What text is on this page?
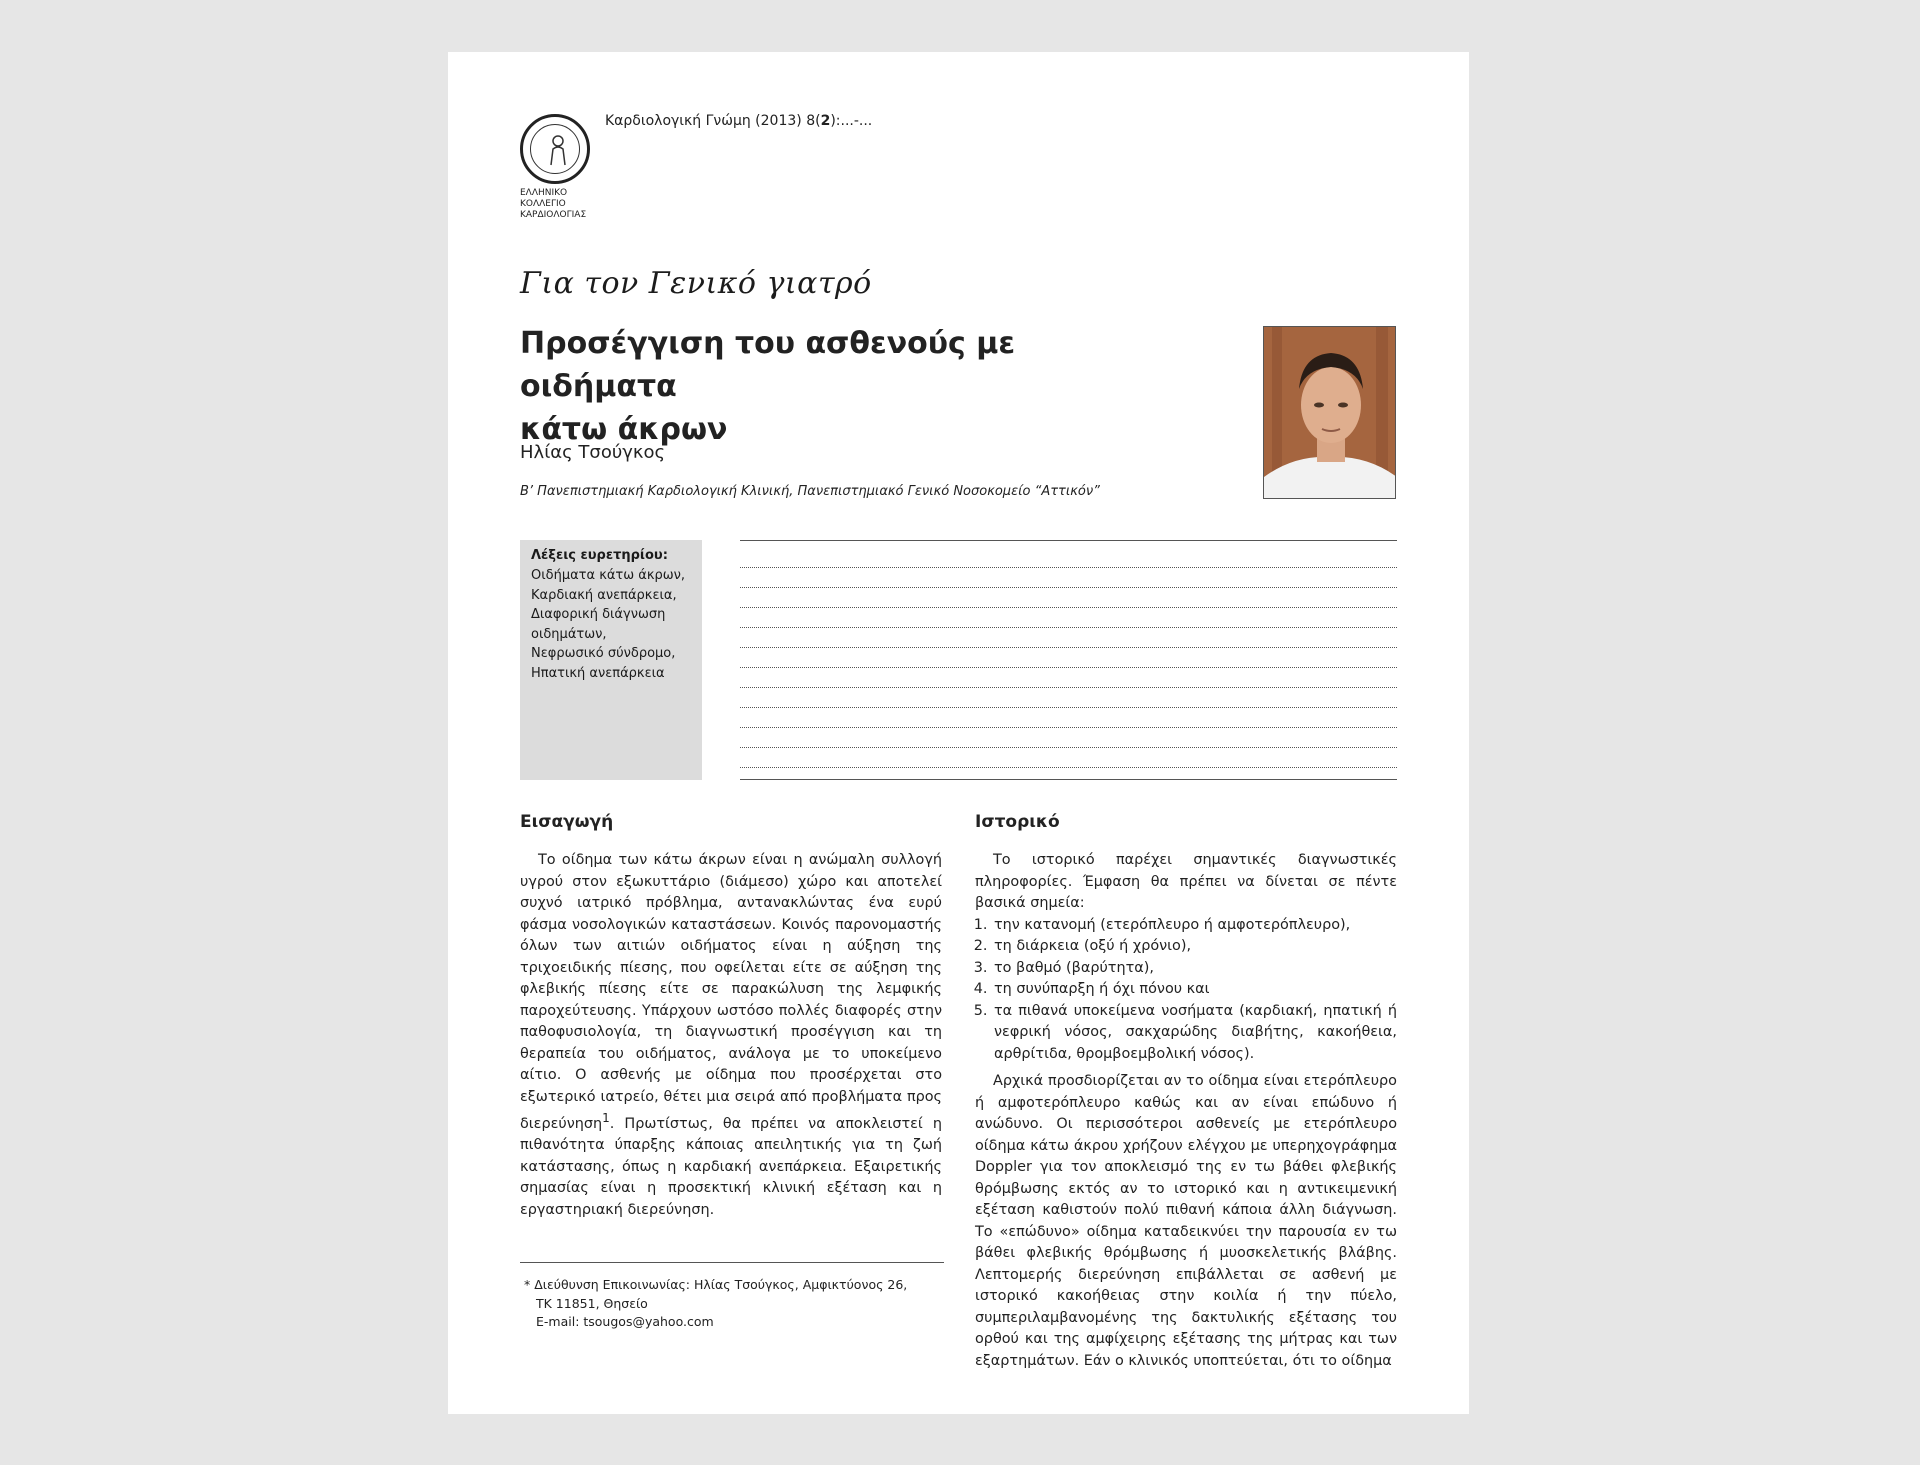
ΕΛΛΗΝΙΚΟ
ΚΟΛΛΕΓΙΟ
ΚΑΡΔΙΟΛΟΓΙΑΣ
Καρδιολογική Γνώμη (2013) 8(2):...-...
Για τον Γενικό γιατρό
Προσέγγιση του ασθενούς με οιδήματα
κάτω άκρων
Ηλίας Τσούγκος
Β’ Πανεπιστημιακή Καρδιολογική Κλινική, Πανεπιστημιακό Γενικό Νοσοκομείο “Αττικόν”
Λέξεις ευρετηρίου:
Οιδήματα κάτω άκρων,
Καρδιακή ανεπάρκεια,
Διαφορική διάγνωση
οιδημάτων,
Νεφρωσικό σύνδρομο,
Ηπατική ανεπάρκεια
Εισαγωγή

Το οίδημα των κάτω άκρων είναι η ανώμαλη συλλογή υγρού στον εξωκυττάριο (διάμεσο) χώρο και αποτελεί συχνό ιατρικό πρόβλημα, αντανακλώντας ένα ευρύ φάσμα νοσολογικών καταστάσεων. Κοινός παρονομαστής όλων των αιτιών οιδήματος είναι η αύξηση της τριχοειδικής πίεσης, που οφείλεται είτε σε αύξηση της φλεβικής πίεσης είτε σε παρακώλυση της λεμφικής παροχεύτευσης. Υπάρχουν ωστόσο πολλές διαφορές στην παθοφυσιολογία, τη διαγνωστική προσέγγιση και τη θεραπεία του οιδήματος, ανάλογα με το υποκείμενο αίτιο. Ο ασθενής με οίδημα που προσέρχεται στο εξωτερικό ιατρείο, θέτει μια σειρά από προβλήματα προς διερεύνηση$^1$. Πρωτίστως, θα πρέπει να αποκλειστεί η πιθανότητα ύπαρξης κάποιας απειλητικής για τη ζωή κατάστασης, όπως η καρδιακή ανεπάρκεια. Εξαιρετικής σημασίας είναι η προσεκτική κλινική εξέταση και η εργαστηριακή διερεύνηση.

Ιστορικό

Το ιστορικό παρέχει σημαντικές διαγνωστικές πληροφορίες. Έμφαση θα πρέπει να δίνεται σε πέντε βασικά σημεία:

1. την κατανομή (ετερόπλευρο ή αμφοτερόπλευρο),
2. τη διάρκεια (οξύ ή χρόνιο),
3. το βαθμό (βαρύτητα),
4. τη συνύπαρξη ή όχι πόνου και
5. τα πιθανά υποκείμενα νοσήματα (καρδιακή, ηπατική ή νεφρική νόσος, σακχαρώδης διαβήτης, κακοήθεια, αρθρίτιδα, θρομβοεμβολική νόσος).

Αρχικά προσδιορίζεται αν το οίδημα είναι ετερόπλευρο ή αμφοτερόπλευρο καθώς και αν είναι επώδυνο ή ανώδυνο. Οι περισσότεροι ασθενείς με ετερόπλευρο οίδημα κάτω άκρου χρήζουν ελέγχου με υπερηχογράφημα Doppler για τον αποκλεισμό της εν τω βάθει φλεβικής θρόμβωσης εκτός αν το ιστορικό και η αντικειμενική εξέταση καθιστούν πολύ πιθανή κάποια άλλη διάγνωση. Το «επώδυνο» οίδημα καταδεικνύει την παρουσία εν τω βάθει φλεβικής θρόμβωσης ή μυοσκελετικής βλάβης. Λεπτομερής διερεύνηση επιβάλλεται σε ασθενή με ιστορικό κακοήθειας στην κοιλία ή την πύελο, συμπεριλαμβανομένης της δακτυλικής εξέτασης του ορθού και της αμφίχειρης εξέτασης της μήτρας και των εξαρτημάτων. Εάν ο κλινικός υποπτεύεται, ότι το οίδημα

* Διεύθυνση Επικοινωνίας: Ηλίας Τσούγκος, Αμφικτύονος 26,
ΤΚ 11851, Θησείο
E-mail: tsougos@yahoo.com
